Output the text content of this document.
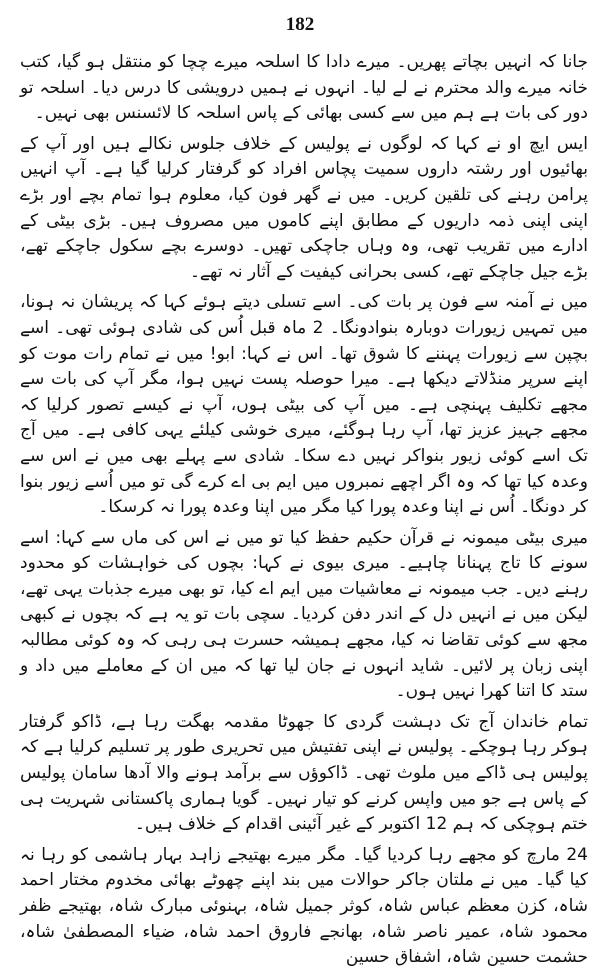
182

جانا کہ انہیں بچاتے پھریں۔ میرے دادا کا اسلحہ میرے چچا کو منتقل ہو گیا، کتب خانہ میرے والد محترم نے لے لیا۔ انہوں نے ہمیں درویشی کا درس دیا۔ اسلحہ تو دور کی بات ہے ہم میں سے کسی بھائی کے پاس اسلحہ کا لائسنس بھی نہیں۔

ایس ایچ او نے کہا کہ لوگوں نے پولیس کے خلاف جلوس نکالے ہیں اور آپ کے بھائیوں اور رشتہ داروں سمیت پچاس افراد کو گرفتار کرلیا گیا ہے۔ آپ انہیں پرامن رہنے کی تلقین کریں۔ میں نے گھر فون کیا، معلوم ہوا تمام بچے اور بڑے اپنی اپنی ذمہ داریوں کے مطابق اپنے کاموں میں مصروف ہیں۔ بڑی بیٹی کے ادارے میں تقریب تھی، وہ وہاں جاچکی تھیں۔ دوسرے بچے سکول جاچکے تھے، بڑے جیل جاچکے تھے، کسی بحرانی کیفیت کے آثار نہ تھے۔

میں نے آمنہ سے فون پر بات کی۔ اسے تسلی دیتے ہوئے کہا کہ پریشان نہ ہونا، میں تمہیں زیورات دوبارہ بنوادونگا۔ 2 ماہ قبل اُس کی شادی ہوئی تھی۔ اسے بچپن سے زیورات پہننے کا شوق تھا۔ اس نے کہا: ابو! میں نے تمام رات موت کو اپنے سرپر منڈلاتے دیکھا ہے۔ میرا حوصلہ پست نہیں ہوا، مگر آپ کی بات سے مجھے تکلیف پہنچی ہے۔ میں آپ کی بیٹی ہوں، آپ نے کیسے تصور کرلیا کہ مجھے جہیز عزیز تھا، آپ رہا ہوگئے، میری خوشی کیلئے یہی کافی ہے۔ میں آج تک اسے کوئی زیور بنواکر نہیں دے سکا۔ شادی سے پہلے بھی میں نے اس سے وعدہ کیا تھا کہ وہ اگر اچھے نمبروں میں ایم بی اے کرے گی تو میں اُسے زیور بنوا کر دونگا۔ اُس نے اپنا وعدہ پورا کیا مگر میں اپنا وعدہ پورا نہ کرسکا۔

میری بیٹی میمونہ نے قرآن حکیم حفظ کیا تو میں نے اس کی ماں سے کہا: اسے سونے کا تاج پہنانا چاہیے۔ میری بیوی نے کہا: بچوں کی خواہشات کو محدود رہنے دیں۔ جب میمونہ نے معاشیات میں ایم اے کیا، تو بھی میرے جذبات یہی تھے، لیکن میں نے انہیں دل کے اندر دفن کردیا۔ سچی بات تو یہ ہے کہ بچوں نے کبھی مجھ سے کوئی تقاضا نہ کیا، مجھے ہمیشہ حسرت ہی رہی کہ وہ کوئی مطالبہ اپنی زبان پر لائیں۔ شاید انہوں نے جان لیا تھا کہ میں ان کے معاملے میں داد و ستد کا اتنا کھرا نہیں ہوں۔

تمام خاندان آج تک دہشت گردی کا جھوٹا مقدمہ بھگت رہا ہے، ڈاکو گرفتار ہوکر رہا ہوچکے۔ پولیس نے اپنی تفتیش میں تحریری طور پر تسلیم کرلیا ہے کہ پولیس ہی ڈاکے میں ملوث تھی۔ ڈاکوؤں سے برآمد ہونے والا آدھا سامان پولیس کے پاس ہے جو میں واپس کرنے کو تیار نہیں۔ گویا ہماری پاکستانی شہریت ہی ختم ہوچکی کہ ہم 12 اکتوبر کے غیر آئینی اقدام کے خلاف ہیں۔

24 مارچ کو مجھے رہا کردیا گیا۔ مگر میرے بھتیجے زاہد بہار ہاشمی کو رہا نہ کیا گیا۔ میں نے ملتان جاکر حوالات میں بند اپنے چھوٹے بھائی مخدوم مختار احمد شاہ، کزن معظم عباس شاہ، کوثر جمیل شاہ، بہنوئی مبارک شاہ، بھتیجے ظفر محمود شاہ، عمیر ناصر شاہ، بھانجے فاروق احمد شاہ، ضیاء المصطفیٰ شاہ، حشمت حسین شاہ، اشفاق حسین
